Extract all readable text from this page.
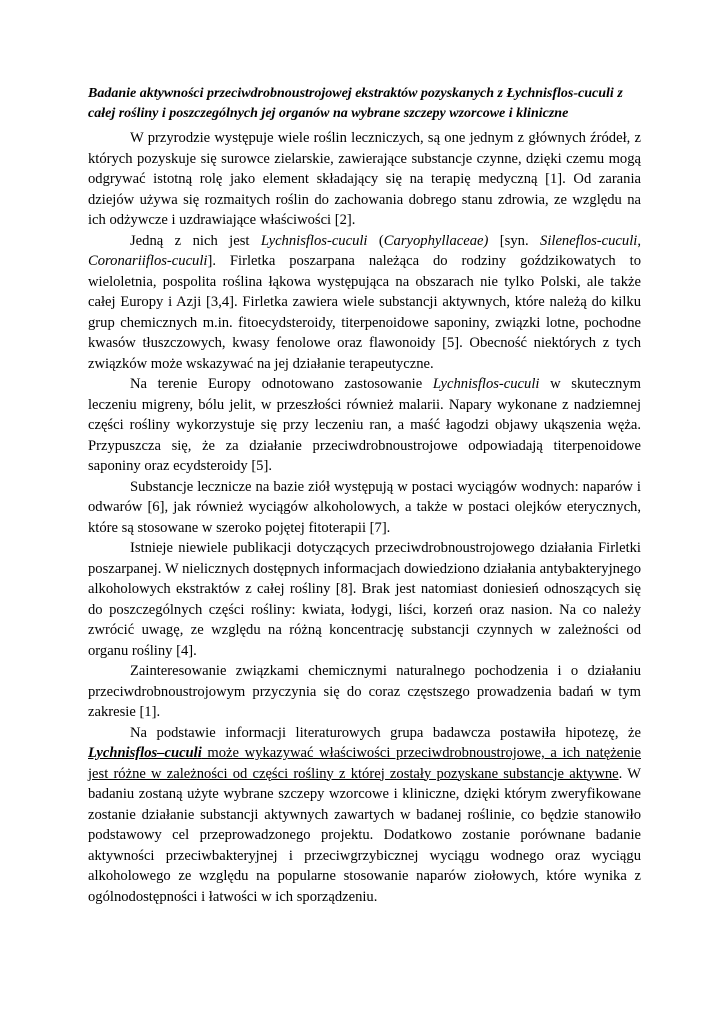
Badanie aktywności przeciwdrobnoustrojowej ekstraktów pozyskanych z Łychnisflos-cuculi z całej rośliny i poszczególnych jej organów na wybrane szczepy wzorcowe i kliniczne

W przyrodzie występuje wiele roślin leczniczych, są one jednym z głównych źródeł, z których pozyskuje się surowce zielarskie, zawierające substancje czynne, dzięki czemu mogą odgrywać istotną rolę jako element składający się na terapię medyczną [1]. Od zarania dziejów używa się rozmaitych roślin do zachowania dobrego stanu zdrowia, ze względu na ich odżywcze i uzdrawiające właściwości [2].

Jedną z nich jest Lychnisflos-cuculi (Caryophyllaceae) [syn. Sileneflos-cuculi, Coronariiflos-cuculi]. Firletka poszarpana należąca do rodziny goździkowatych to wieloletnia, pospolita roślina łąkowa występująca na obszarach nie tylko Polski, ale także całej Europy i Azji [3,4]. Firletka zawiera wiele substancji aktywnych, które należą do kilku grup chemicznych m.in. fitoecydsteroidy, titerpenoidowe saponiny, związki lotne, pochodne kwasów tłuszczowych, kwasy fenolowe oraz flawonoidy [5]. Obecność niektórych z tych związków może wskazywać na jej działanie terapeutyczne.

Na terenie Europy odnotowano zastosowanie Lychnisflos-cuculi w skutecznym leczeniu migreny, bólu jelit, w przeszłości również malarii. Napary wykonane z nadziemnej części rośliny wykorzystuje się przy leczeniu ran, a maść łagodzi objawy ukąszenia węża. Przypuszcza się, że za działanie przeciwdrobnoustrojowe odpowiadają titerpenoidowe saponiny oraz ecydsteroidy [5].

Substancje lecznicze na bazie ziół występują w postaci wyciągów wodnych: naparów i odwarów [6], jak również wyciągów alkoholowych, a także w postaci olejków eterycznych, które są stosowane w szeroko pojętej fitoterapii [7].

Istnieje niewiele publikacji dotyczących przeciwdrobnoustrojowego działania Firletki poszarpanej. W nielicznych dostępnych informacjach dowiedziono działania antybakteryjnego alkoholowych ekstraktów z całej rośliny [8]. Brak jest natomiast doniesień odnoszących się do poszczególnych części rośliny: kwiata, łodygi, liści, korzeń oraz nasion. Na co należy zwrócić uwagę, ze względu na różną koncentrację substancji czynnych w zależności od organu rośliny [4].

Zainteresowanie związkami chemicznymi naturalnego pochodzenia i o działaniu przeciwdrobnoustrojowym przyczynia się do coraz częstszego prowadzenia badań w tym zakresie [1].

Na podstawie informacji literaturowych grupa badawcza postawiła hipotezę, że Lychnisflos–cuculi może wykazywać właściwości przeciwdrobnoustrojowe, a ich natężenie jest różne w zależności od części rośliny z której zostały pozyskane substancje aktywne. W badaniu zostaną użyte wybrane szczepy wzorcowe i kliniczne, dzięki którym zweryfikowane zostanie działanie substancji aktywnych zawartych w badanej roślinie, co będzie stanowiło podstawowy cel przeprowadzonego projektu. Dodatkowo zostanie porównane badanie aktywności przeciwbakteryjnej i przeciwgrzybicznej wyciągu wodnego oraz wyciągu alkoholowego ze względu na popularne stosowanie naparów ziołowych, które wynika z ogólnodostępności i łatwości w ich sporządzeniu.
